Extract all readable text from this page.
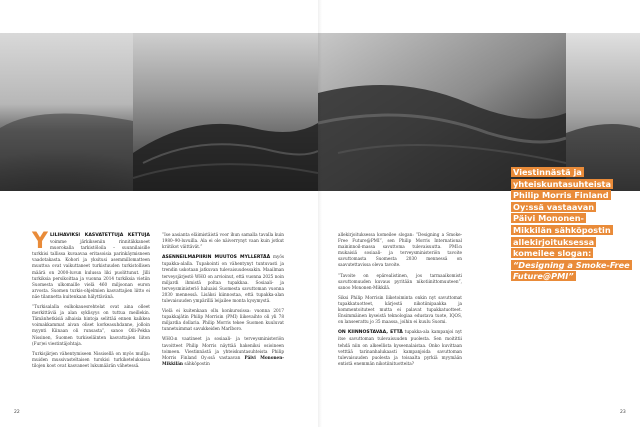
Viestinnästä ja
yhteiskuntasuhteista
Philip Morris Finland
Oy:ssä vastaavan
Päivi Mononen-
Mikkilän sähköpostin
allekirjoituksessa
komeilee slogan:
“Designing a Smoke-Free
Future@PMI”

Y LILIHAVIKSI KASVATETTUJA KETTUJA voimme järkikseniin rinnitäkkaneet muorokalla tarkistöloila – suunnilaisille turkkisi tallissa kuvaavaa eritasoisia parinkäymisneen vaadotakasta. Kohori ja yksitusi asemmillomatteen muuttoa ovat vaikuttaneet turkistuuden turkistollisen määrä on 2000-luvun kulussa liki puolittunut. Jilli turkiksia persikoittaa ja vuonna 2014 turkiksia vietiin Suomesta ulkomaille vielä 460 miljoonan euron arvosta. Suomen turkis-ohjelmien kasvattajien liitto ei näe tilannetta kuitenkaan hälyttävänä.

”Turkisalalla eulkokauesrehtelat ovat aina olleet merkittäviä ja alan syklisyys on tuttua meillekin. Tämänhetkisiä alhaisia hintoja selittää ennen kaikkea voimakkammat aivan oliset korkeasuhdanne, jolloin myynti Kiinaan oli runsasta”, sanoo Olli-Pekka Nissinen, Suomen turkiseläinten kasvattajien liiton (Fur)ei viestintäjohtaja.

Turkisjärjen vähentymiseen Nissisellä on myös mullja: muiden mussivasteltaisen turskisi turkiketeluksissa tilojen koot ovat kasvaneet lukumäärän vähetessä.

”Ise aasianta eläimistäistä voor ihun samalla tavalla kuin 1980–90-luvuilla. Ala ei ole näiverrynyt vaan kuin jotkut kriitikot väittävät.”

ASENNEILMAPIIRIN MUUTOS MYLLERTÄÄ myös tupakka-alalla. Tupakointi on vähentynyt tuntuvasti ja trendin uskotaan jatkuvan tulevaisuudessakin. Maailman terveysjärjestö WHO on arvioinut, että vuonna 2025 noin miljardi ihmistä poltaa tupakkaa. Sosiaali- ja terveysministeriö haluaisi Suomesta savuttoman vuonna 2030 mennessä. Lisäksi kiinnostaa, että tupakka-alan tulevaisuuden ympärillä leijailee monta kysymystä.

Vielä ei kuitenkaan ollu konkurssissa: vuonna 2017 tupakkajätin Philip Morrisin (PMI) liikevaihto oli yli 78 miljardia dollaria. Philip Morris tekee Suomen kuuluvat tunnetuimmat savukkeiden Marlboro.

WHO:n vaatineet ja sosiaali- ja terveysministeriön tavoitteet Philip Morris näyttää hakeniksi osioineen toimeen. Viestinnästä ja yhteiskuntasuhteista Philip Morris Finland Oy:ssä vastaavan Päivi Mononen-Mikkilän sähköpostin

allekirjoituksessa komeilee slogan: ”Designing a Smoke-Free Future@PMI”, sen Philip Morris International maininnoil-massa savuttoma tulevaisuutta. PMI:n mukaisiä sosiaali- ja terveysministeriön tavoite savuttomasta Suomesta 2030 mennessä on saavutettavissa oleva tavoite.

”Tavoite on epärealistinen, jos tarmaaikomisti savuttomuuden kuvaus pyritään nikotiinittomuuteen”, sanoo Mononen-Mikkilä.

Siksi Philip Morrisin liiketoiminta onkin nyt savuttomat tupakkatuotteet, kärjestä nikotiinipaakka ja kommentoituteet mutta ei palavat tupakkatuotteet. Ensimmäinen kyseistä teknologiaa edustava tuote, IQOS, on lanseerattu jo 35 maassa, joihin ei kuulu Suomi.

ON KIINNOSTAVAA, ETTÄ tupakka-ala kampanjoi nyt itse savuttoman tulevaisuuden puolesta. Sen moitittii tehdä niin on alkeellista kyseenalaistaa. Onko kuvittaan vetttää tarinanhalukaasti kampanjoida savuttoman tulevaisuuden puolesta ja toisaalta pyrkiä myymään entistä enemmän nikotiinituotteita?

22	23
